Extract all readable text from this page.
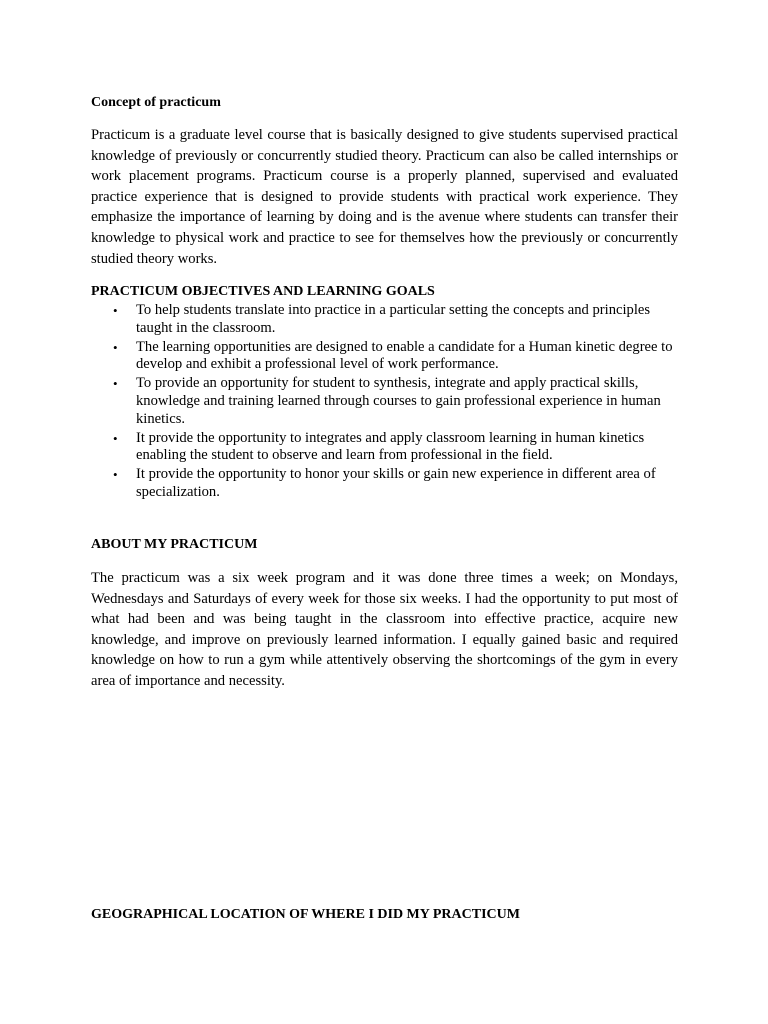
Concept of practicum

Practicum is a graduate level course that is basically designed to give students supervised practical knowledge of previously or concurrently studied theory. Practicum can also be called internships or work placement programs. Practicum course is a properly planned, supervised and evaluated practice experience that is designed to provide students with practical work experience. They emphasize the importance of learning by doing and is the avenue where students can transfer their knowledge to physical work and practice to see for themselves how the previously or concurrently studied theory works.

PRACTICUM OBJECTIVES AND LEARNING GOALS
• To help students translate into practice in a particular setting the concepts and principles taught in the classroom.
• The learning opportunities are designed to enable a candidate for a Human kinetic degree to develop and exhibit a professional level of work performance.
• To provide an opportunity for student to synthesis, integrate and apply practical skills, knowledge and training learned through courses to gain professional experience in human kinetics.
• It provide the opportunity to integrates and apply classroom learning in human kinetics enabling the student to observe and learn from professional in the field.
• It provide the opportunity to honor your skills or gain new experience in different area of specialization.
ABOUT MY PRACTICUM

The practicum was a six week program and it was done three times a week; on Mondays, Wednesdays and Saturdays of every week for those six weeks. I had the opportunity to put most of what had been and was being taught in the classroom into effective practice, acquire new knowledge, and improve on previously learned information. I equally gained basic and required knowledge on how to run a gym while attentively observing the shortcomings of the gym in every area of importance and necessity.

GEOGRAPHICAL LOCATION OF WHERE I DID MY PRACTICUM
